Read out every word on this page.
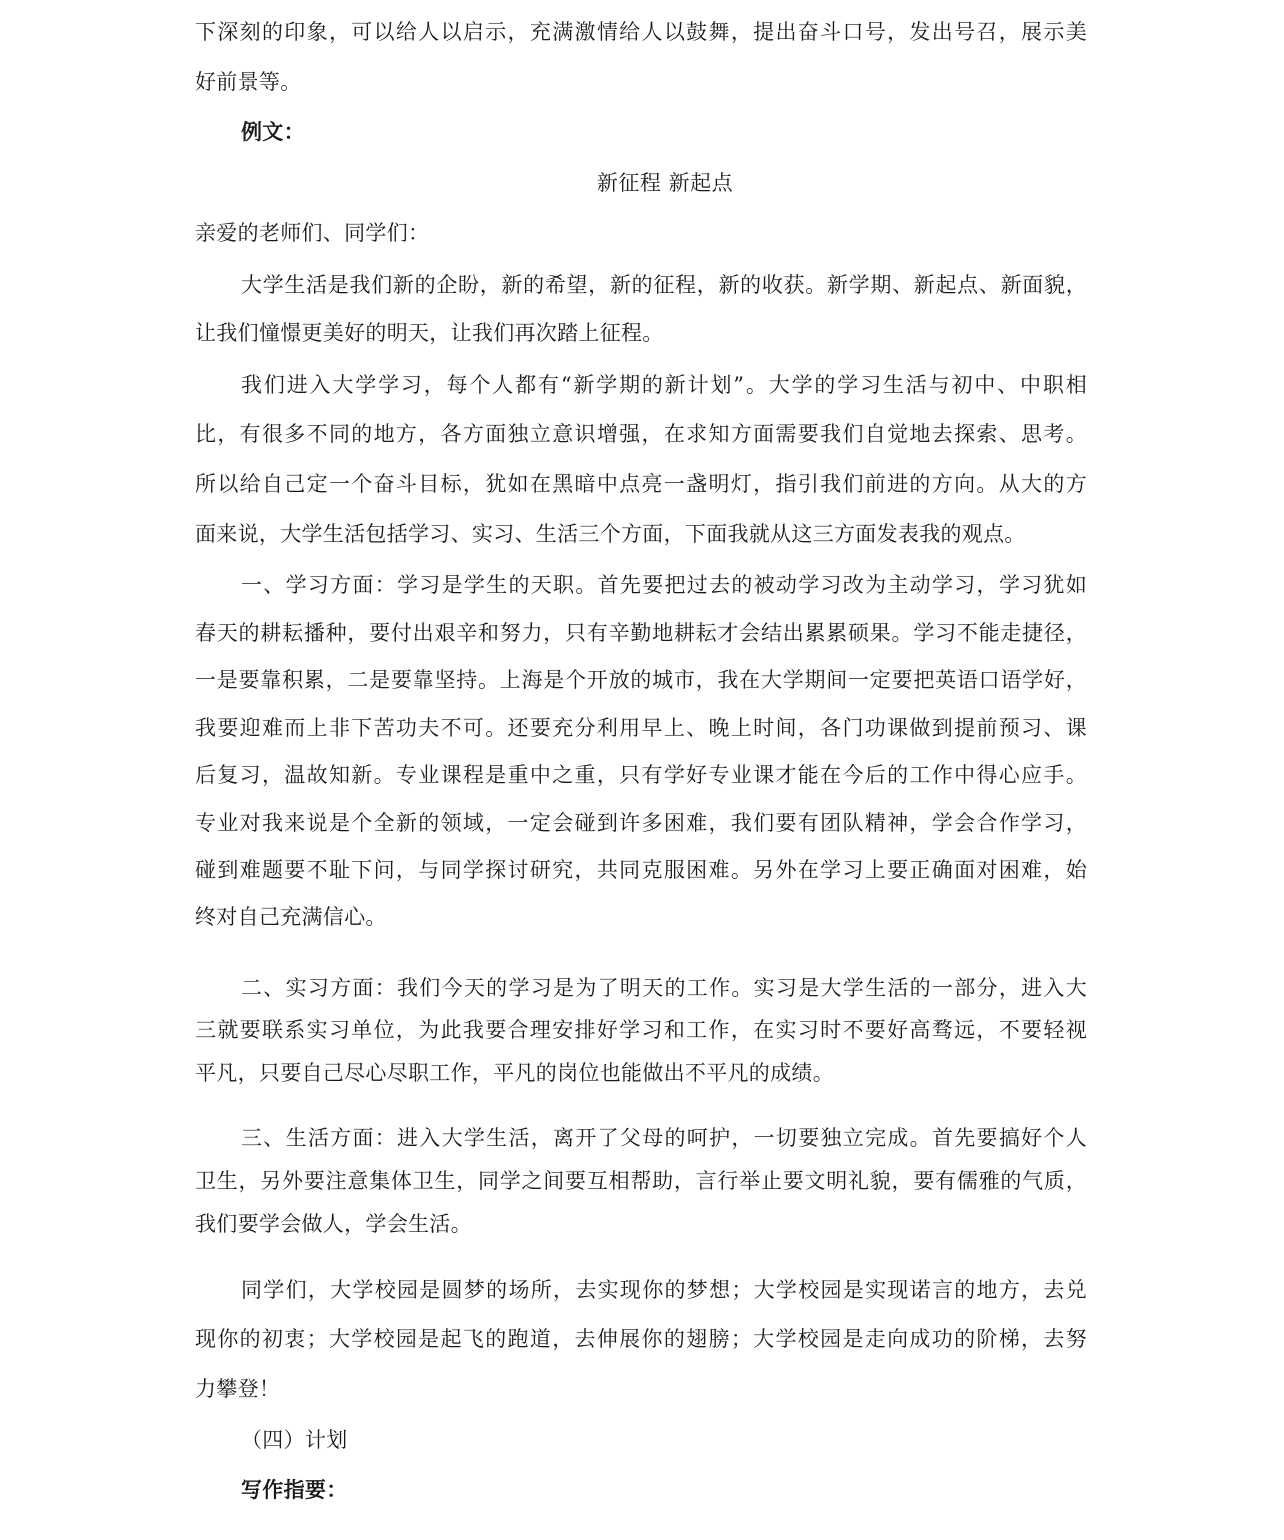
下深刻的印象，可以给人以启示，充满激情给人以鼓舞，提出奋斗口号，发出号召，展示美
好前景等。
例文：
新征程 新起点
亲爱的老师们、同学们：
大学生活是我们新的企盼，新的希望，新的征程，新的收获。新学期、新起点、新面貌，
让我们憧憬更美好的明天，让我们再次踏上征程。
我们进入大学学习，每个人都有“新学期的新计划”。大学的学习生活与初中、中职相
比，有很多不同的地方，各方面独立意识增强，在求知方面需要我们自觉地去探索、思考。
所以给自己定一个奋斗目标，犹如在黑暗中点亮一盏明灯，指引我们前进的方向。从大的方
面来说，大学生活包括学习、实习、生活三个方面，下面我就从这三方面发表我的观点。
一、学习方面：学习是学生的天职。首先要把过去的被动学习改为主动学习，学习犹如
春天的耕耘播种，要付出艰辛和努力，只有辛勤地耕耘才会结出累累硕果。学习不能走捷径，
一是要靠积累，二是要靠坚持。上海是个开放的城市，我在大学期间一定要把英语口语学好，
我要迎难而上非下苦功夫不可。还要充分利用早上、晚上时间，各门功课做到提前预习、课
后复习，温故知新。专业课程是重中之重，只有学好专业课才能在今后的工作中得心应手。
专业对我来说是个全新的领域，一定会碰到许多困难，我们要有团队精神，学会合作学习，
碰到难题要不耻下问，与同学探讨研究，共同克服困难。另外在学习上要正确面对困难，始
终对自己充满信心。
二、实习方面：我们今天的学习是为了明天的工作。实习是大学生活的一部分，进入大
三就要联系实习单位，为此我要合理安排好学习和工作，在实习时不要好高骛远，不要轻视
平凡，只要自己尽心尽职工作，平凡的岗位也能做出不平凡的成绩。
三、生活方面：进入大学生活，离开了父母的呵护，一切要独立完成。首先要搞好个人
卫生，另外要注意集体卫生，同学之间要互相帮助，言行举止要文明礼貌，要有儒雅的气质，
我们要学会做人，学会生活。
同学们，大学校园是圆梦的场所，去实现你的梦想；大学校园是实现诺言的地方，去兑
现你的初衷；大学校园是起飞的跑道，去伸展你的翅膀；大学校园是走向成功的阶梯，去努
力攀登！
（四）计划
写作指要：
